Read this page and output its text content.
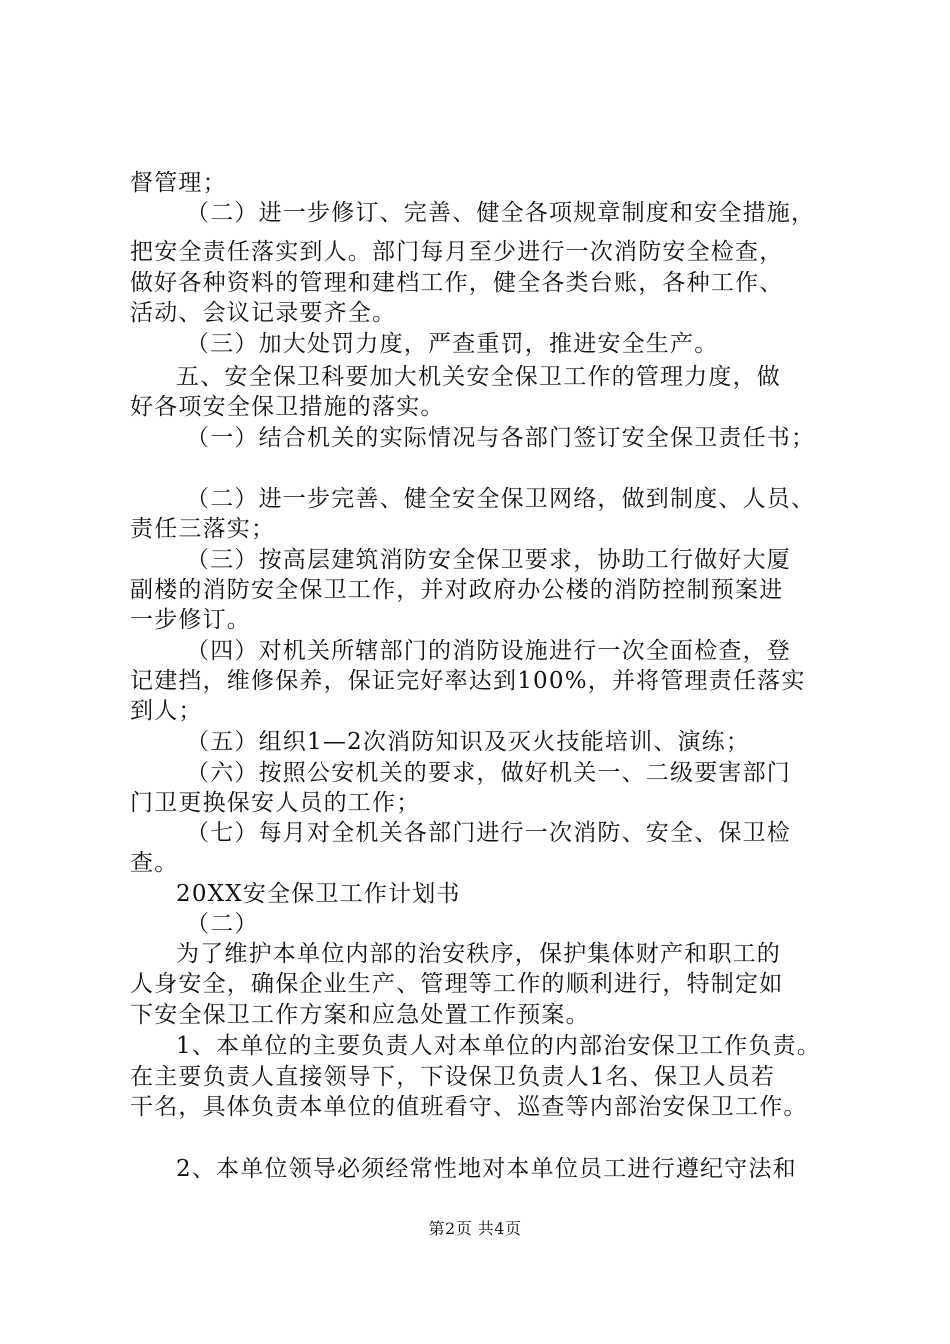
督管理；
（二）进一步修订、完善、健全各项规章制度和安全措施，
把安全责任落实到人。部门每月至少进行一次消防安全检查，
做好各种资料的管理和建档工作，健全各类台账，各种工作、
活动、会议记录要齐全。
（三）加大处罚力度，严查重罚，推进安全生产。
五、安全保卫科要加大机关安全保卫工作的管理力度，做
好各项安全保卫措施的落实。
（一）结合机关的实际情况与各部门签订安全保卫责任书；
（二）进一步完善、健全安全保卫网络，做到制度、人员、
责任三落实；
（三）按高层建筑消防安全保卫要求，协助工行做好大厦
副楼的消防安全保卫工作，并对政府办公楼的消防控制预案进
一步修订。
（四）对机关所辖部门的消防设施进行一次全面检查，登
记建挡，维修保养，保证完好率达到100%，并将管理责任落实
到人；
（五）组织1—2次消防知识及灭火技能培训、演练；
（六）按照公安机关的要求，做好机关一、二级要害部门
门卫更换保安人员的工作；
（七）每月对全机关各部门进行一次消防、安全、保卫检
查。
20XX安全保卫工作计划书
（二）
为了维护本单位内部的治安秩序，保护集体财产和职工的
人身安全，确保企业生产、管理等工作的顺利进行，特制定如
下安全保卫工作方案和应急处置工作预案。
1、本单位的主要负责人对本单位的内部治安保卫工作负责。
在主要负责人直接领导下，下设保卫负责人1名、保卫人员若
干名，具体负责本单位的值班看守、巡查等内部治安保卫工作。
2、本单位领导必须经常性地对本单位员工进行遵纪守法和
第2页 共4页
